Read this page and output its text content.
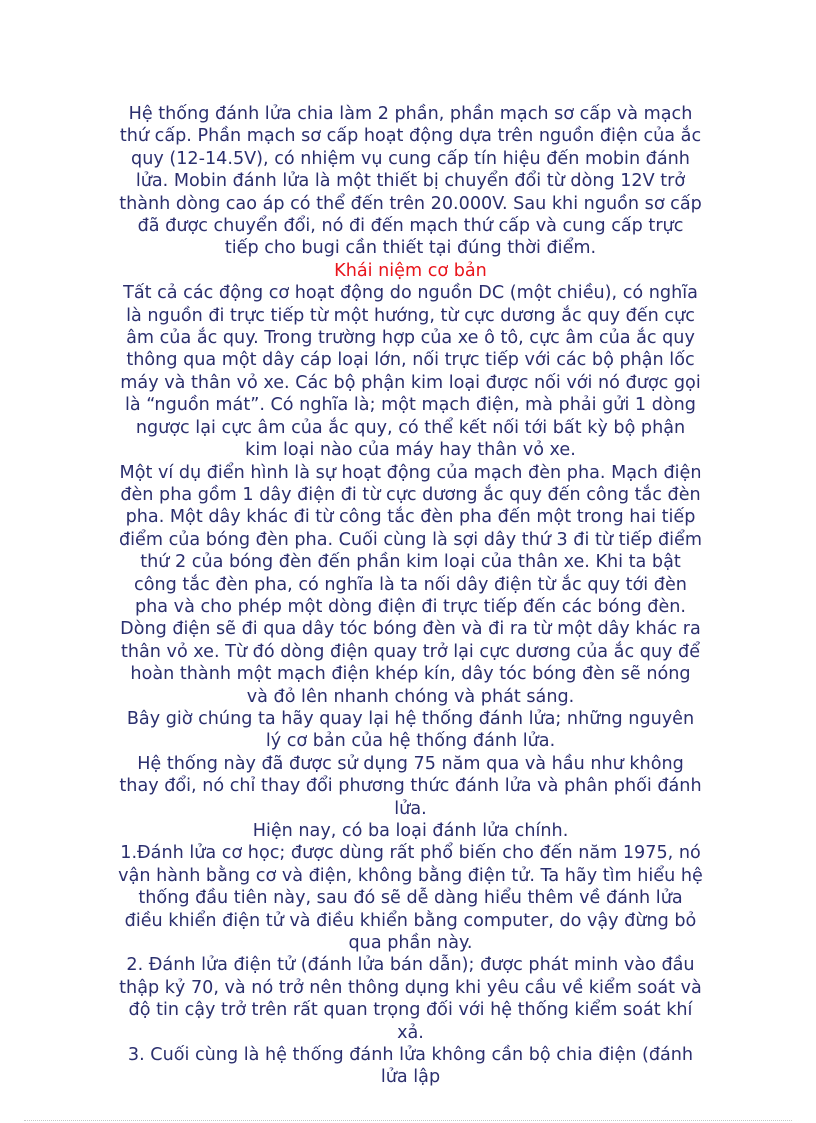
Hệ thống đánh lửa chia làm 2 phần, phần mạch sơ cấp và mạch thứ cấp. Phần mạch sơ cấp hoạt động dựa trên nguồn điện của ắc quy (12-14.5V), có nhiệm vụ cung cấp tín hiệu đến mobin đánh lửa. Mobin đánh lửa là một thiết bị chuyển đổi từ dòng 12V trở thành dòng cao áp có thể đến trên 20.000V. Sau khi nguồn sơ cấp đã được chuyển đổi, nó đi đến mạch thứ cấp và cung cấp trực tiếp cho bugi cần thiết tại đúng thời điểm.

Khái niệm cơ bản

Tất cả các động cơ hoạt động do nguồn DC (một chiều), có nghĩa là nguồn đi trực tiếp từ một hướng, từ cực dương ắc quy đến cực âm của ắc quy. Trong trường hợp của xe ô tô, cực âm của ắc quy thông qua một dây cáp loại lớn, nối trực tiếp với các bộ phận lốc máy và thân vỏ xe. Các bộ phận kim loại được nối với nó được gọi là “nguồn mát”. Có nghĩa là; một mạch điện, mà phải gửi 1 dòng ngược lại cực âm của ắc quy, có thể kết nối tới bất kỳ bộ phận kim loại nào của máy hay thân vỏ xe.

Một ví dụ điển hình là sự hoạt động của mạch đèn pha. Mạch điện đèn pha gồm 1 dây điện đi từ cực dương ắc quy đến công tắc đèn pha. Một dây khác đi từ công tắc đèn pha đến một trong hai tiếp điểm của bóng đèn pha. Cuối cùng là sợi dây thứ 3 đi từ tiếp điểm thứ 2 của bóng đèn đến phần kim loại của thân xe. Khi ta bật công tắc đèn pha, có nghĩa là ta nối dây điện từ ắc quy tới đèn pha và cho phép một dòng điện đi trực tiếp đến các bóng đèn. Dòng điện sẽ đi qua dây tóc bóng đèn và đi ra từ một dây khác ra thân vỏ xe. Từ đó dòng điện quay trở lại cực dương của ắc quy để hoàn thành một mạch điện khép kín, dây tóc bóng đèn sẽ nóng và đỏ lên nhanh chóng và phát sáng.

Bây giờ chúng ta hãy quay lại hệ thống đánh lửa; những nguyên lý cơ bản của hệ thống đánh lửa.

Hệ thống này đã được sử dụng 75 năm qua và hầu như không thay đổi, nó chỉ thay đổi phương thức đánh lửa và phân phối đánh lửa.

Hiện nay, có ba loại đánh lửa chính.

1.Đánh lửa cơ học; được dùng rất phổ biến cho đến năm 1975, nó vận hành bằng cơ và điện, không bằng điện tử. Ta hãy tìm hiểu hệ thống đầu tiên này, sau đó sẽ dễ dàng hiểu thêm về đánh lửa điều khiển điện tử và điều khiển bằng computer, do vậy đừng bỏ qua phần này.

2. Đánh lửa điện tử (đánh lửa bán dẫn); được phát minh vào đầu thập kỷ 70, và nó trở nên thông dụng khi yêu cầu về kiểm soát và độ tin cậy trở trên rất quan trọng đối với hệ thống kiểm soát khí xả.

3. Cuối cùng là hệ thống đánh lửa không cần bộ chia điện (đánh lửa lập
